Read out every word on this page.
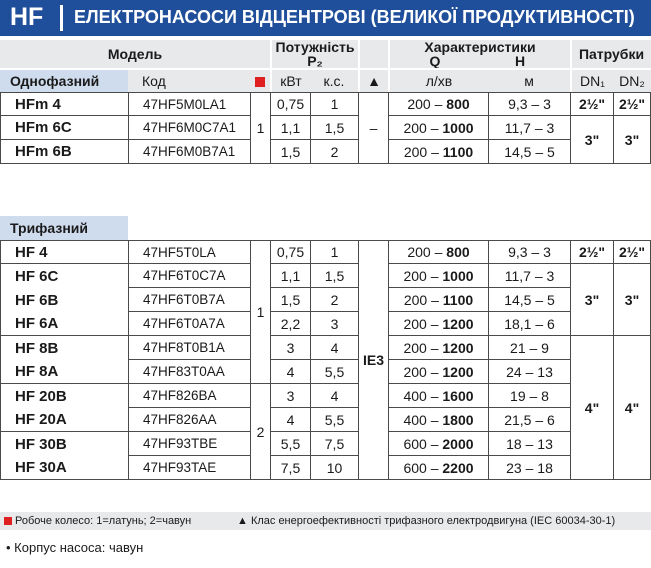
HF ЕЛЕКТРОНАСОСИ ВІДЦЕНТРОВІ (ВЕЛИКОЇ ПРОДУКТИВНОСТІ)
Модель			Потужність
P₂			Характеристики
Q H		Патрубки	
Однофазний	Код		кВт	к.с.	▲	л/хв	м	DN₁	DN₂
HFm 4	47HF5M0LA1	1	0,75	1	–	200 – 800	9,3 – 3	2½"	2½"
HFm 6C	47HF6M0C7A1		1,1	1,5		200 – 1000	11,7 – 3	3"	3"
HFm 6B	47HF6M0B7A1		1,5	2		200 – 1100	14,5 – 5		
Трифазний									
HF 4	47HF5T0LA	1	0,75	1	IE3	200 – 800	9,3 – 3	2½"	2½"
HF 6C	47HF6T0C7A		1,1	1,5		200 – 1000	11,7 – 3	3"	3"
HF 6B	47HF6T0B7A		1,5	2		200 – 1100	14,5 – 5		
HF 6A	47HF6T0A7A		2,2	3		200 – 1200	18,1 – 6		
HF 8B	47HF8T0B1A		3	4		200 – 1200	21 – 9	4"	4"
HF 8A	47HF83T0AA		4	5,5		200 – 1200	24 – 13		
HF 20B	47HF826BA	2	3	4		400 – 1600	19 – 8		
HF 20A	47HF826AA		4	5,5		400 – 1800	21,5 – 6		
HF 30B	47HF93TBE		5,5	7,5		600 – 2000	18 – 13		
HF 30A	47HF93TAE		7,5	10		600 – 2200	23 – 18		
Робоче колесо: 1=латунь; 2=чавун	▲ Клас енергоефективності трифазного електродвигуна (IEC 60034-30-1)
• Корпус насоса: чавун
